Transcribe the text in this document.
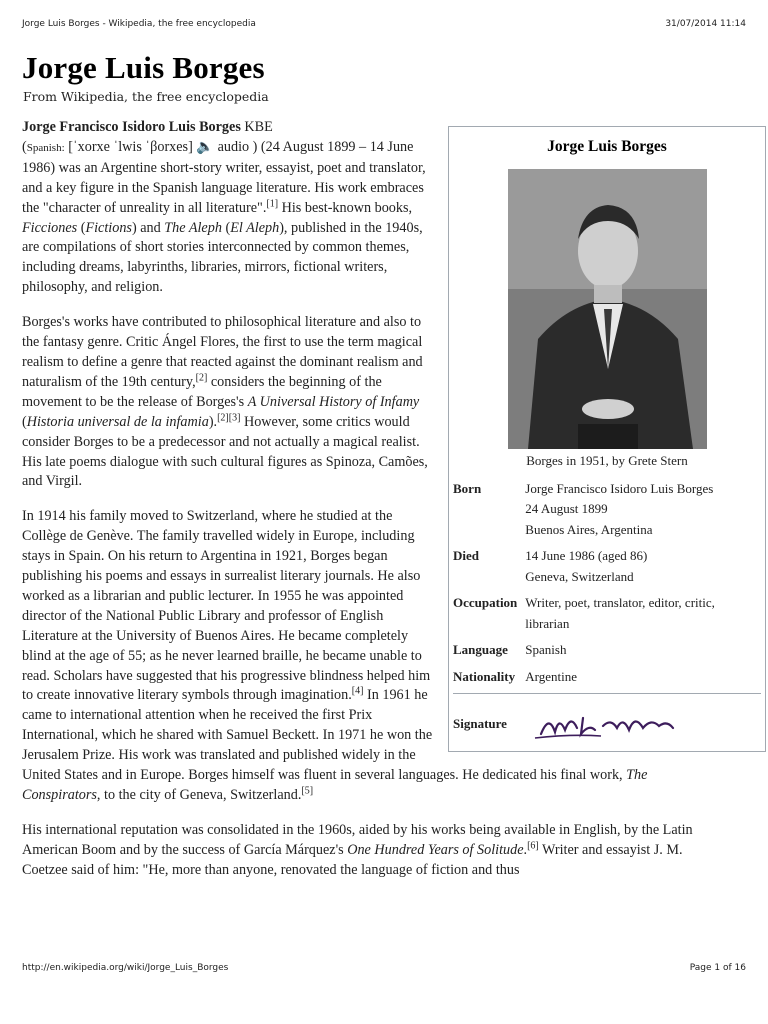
Jorge Luis Borges - Wikipedia, the free encyclopedia	31/07/2014 11:14
Jorge Luis Borges
From Wikipedia, the free encyclopedia
Jorge Luis Borges
Borges in 1951, by Grete Stern
Born	Jorge Francisco Isidoro Luis Borges
24 August 1899
Buenos Aires, Argentina

Died	14 June 1986 (aged 86)
Geneva, Switzerland

Occupation	Writer, poet, translator, editor, critic, librarian
Language	Spanish
Nationality	Argentine
Signature

Jorge Francisco Isidoro Luis Borges KBE
(Spanish: [ˈxorxe ˈlwis ˈβorxes] 🔈 audio ) (24 August 1899 – 14 June 1986) was an Argentine short-story writer, essayist, poet and translator, and a key figure in the Spanish language literature. His work embraces the "character of unreality in all literature".[1] His best-known books, Ficciones (Fictions) and The Aleph (El Aleph), published in the 1940s, are compilations of short stories interconnected by common themes, including dreams, labyrinths, libraries, mirrors, fictional writers, philosophy, and religion.

Borges's works have contributed to philosophical literature and also to the fantasy genre. Critic Ángel Flores, the first to use the term magical realism to define a genre that reacted against the dominant realism and naturalism of the 19th century,[2] considers the beginning of the movement to be the release of Borges's A Universal History of Infamy (Historia universal de la infamia).[2][3] However, some critics would consider Borges to be a predecessor and not actually a magical realist. His late poems dialogue with such cultural figures as Spinoza, Camões, and Virgil.

In 1914 his family moved to Switzerland, where he studied at the Collège de Genève. The family travelled widely in Europe, including stays in Spain. On his return to Argentina in 1921, Borges began publishing his poems and essays in surrealist literary journals. He also worked as a librarian and public lecturer. In 1955 he was appointed director of the National Public Library and professor of English Literature at the University of Buenos Aires. He became completely blind at the age of 55; as he never learned braille, he became unable to read. Scholars have suggested that his progressive blindness helped him to create innovative literary symbols through imagination.[4] In 1961 he came to international attention when he received the first Prix International, which he shared with Samuel Beckett. In 1971 he won the Jerusalem Prize. His work was translated and published widely in the United States and in Europe. Borges himself was fluent in several languages. He dedicated his final work, The Conspirators, to the city of Geneva, Switzerland.[5]

His international reputation was consolidated in the 1960s, aided by his works being available in English, by the Latin American Boom and by the success of García Márquez's One Hundred Years of Solitude.[6] Writer and essayist J. M. Coetzee said of him: "He, more than anyone, renovated the language of fiction and thus

http://en.wikipedia.org/wiki/Jorge_Luis_Borges	Page 1 of 16
